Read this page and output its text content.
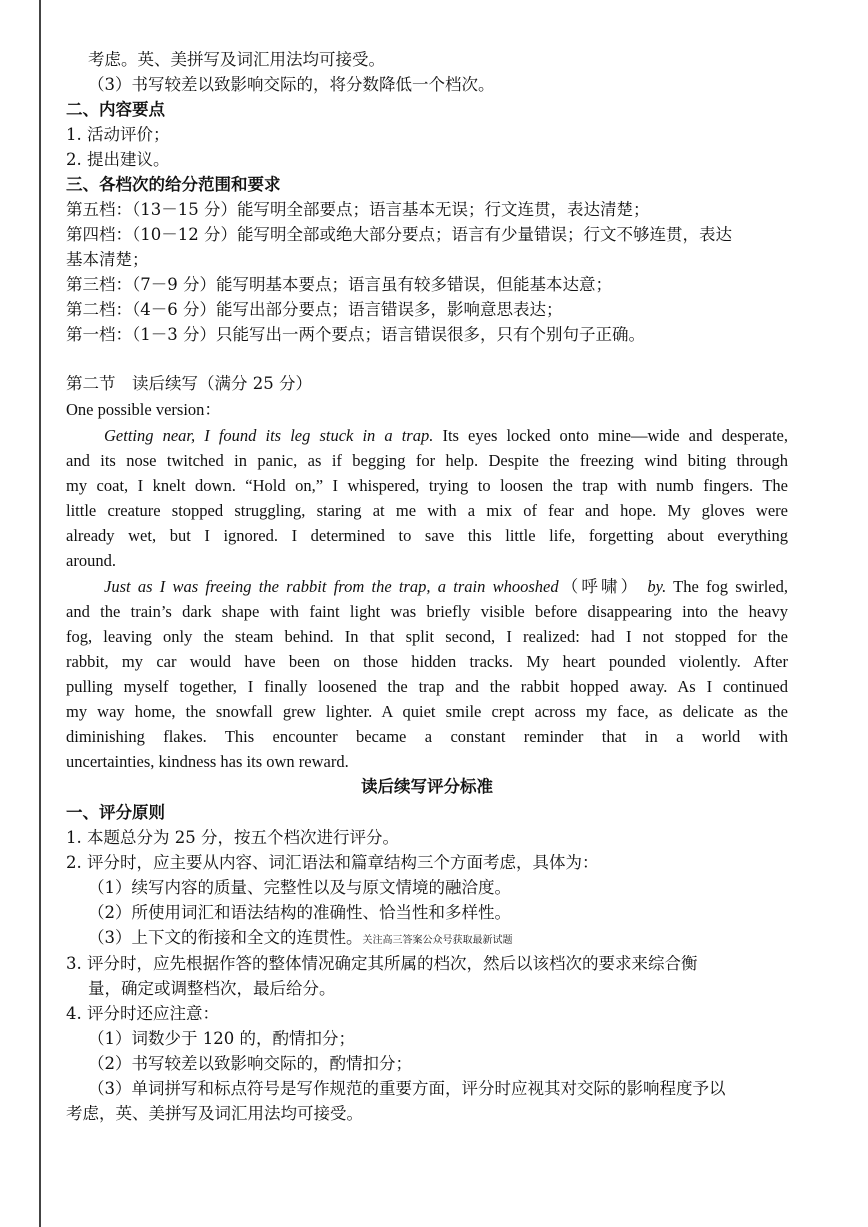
考虑。英、美拼写及词汇用法均可接受。
（3）书写较差以致影响交际的，将分数降低一个档次。
二、内容要点
1. 活动评价；
2. 提出建议。
三、各档次的给分范围和要求
第五档：（13－15 分）能写明全部要点；语言基本无误；行文连贯，表达清楚；
第四档：（10－12 分）能写明全部或绝大部分要点；语言有少量错误；行文不够连贯，表达
基本清楚；
第三档：（7－9 分）能写明基本要点；语言虽有较多错误，但能基本达意；
第二档：（4－6 分）能写出部分要点；语言错误多，影响意思表达；
第一档：（1－3 分）只能写出一两个要点；语言错误很多，只有个别句子正确。
第二节　读后续写（满分 25 分）
One possible version：
Getting near, I found its leg stuck in a trap. Its eyes locked onto mine—wide and desperate,
and its nose twitched in panic, as if begging for help. Despite the freezing wind biting through
my coat, I knelt down. “Hold on,” I whispered, trying to loosen the trap with numb fingers. The
little creature stopped struggling, staring at me with a mix of fear and hope. My gloves were
already wet, but I ignored. I determined to save this little life, forgetting about everything
around.
Just as I was freeing the rabbit from the trap, a train whooshed（呼啸） by. The fog swirled,
and the train’s dark shape with faint light was briefly visible before disappearing into the heavy
fog, leaving only the steam behind. In that split second, I realized: had I not stopped for the
rabbit, my car would have been on those hidden tracks. My heart pounded violently. After
pulling myself together, I finally loosened the trap and the rabbit hopped away. As I continued
my way home, the snowfall grew lighter. A quiet smile crept across my face, as delicate as the
diminishing flakes. This encounter became a constant reminder that in a world with
uncertainties, kindness has its own reward.
读后续写评分标准
一、评分原则
1. 本题总分为 25 分，按五个档次进行评分。
2. 评分时，应主要从内容、词汇语法和篇章结构三个方面考虑，具体为：
（1）续写内容的质量、完整性以及与原文情境的融洽度。
（2）所使用词汇和语法结构的准确性、恰当性和多样性。
（3）上下文的衔接和全文的连贯性。关注高三答案公众号获取最新试题
3. 评分时，应先根据作答的整体情况确定其所属的档次，然后以该档次的要求来综合衡
量，确定或调整档次，最后给分。
4. 评分时还应注意：
（1）词数少于 120 的，酌情扣分；
（2）书写较差以致影响交际的，酌情扣分；
（3）单词拼写和标点符号是写作规范的重要方面，评分时应视其对交际的影响程度予以
考虑，英、美拼写及词汇用法均可接受。
